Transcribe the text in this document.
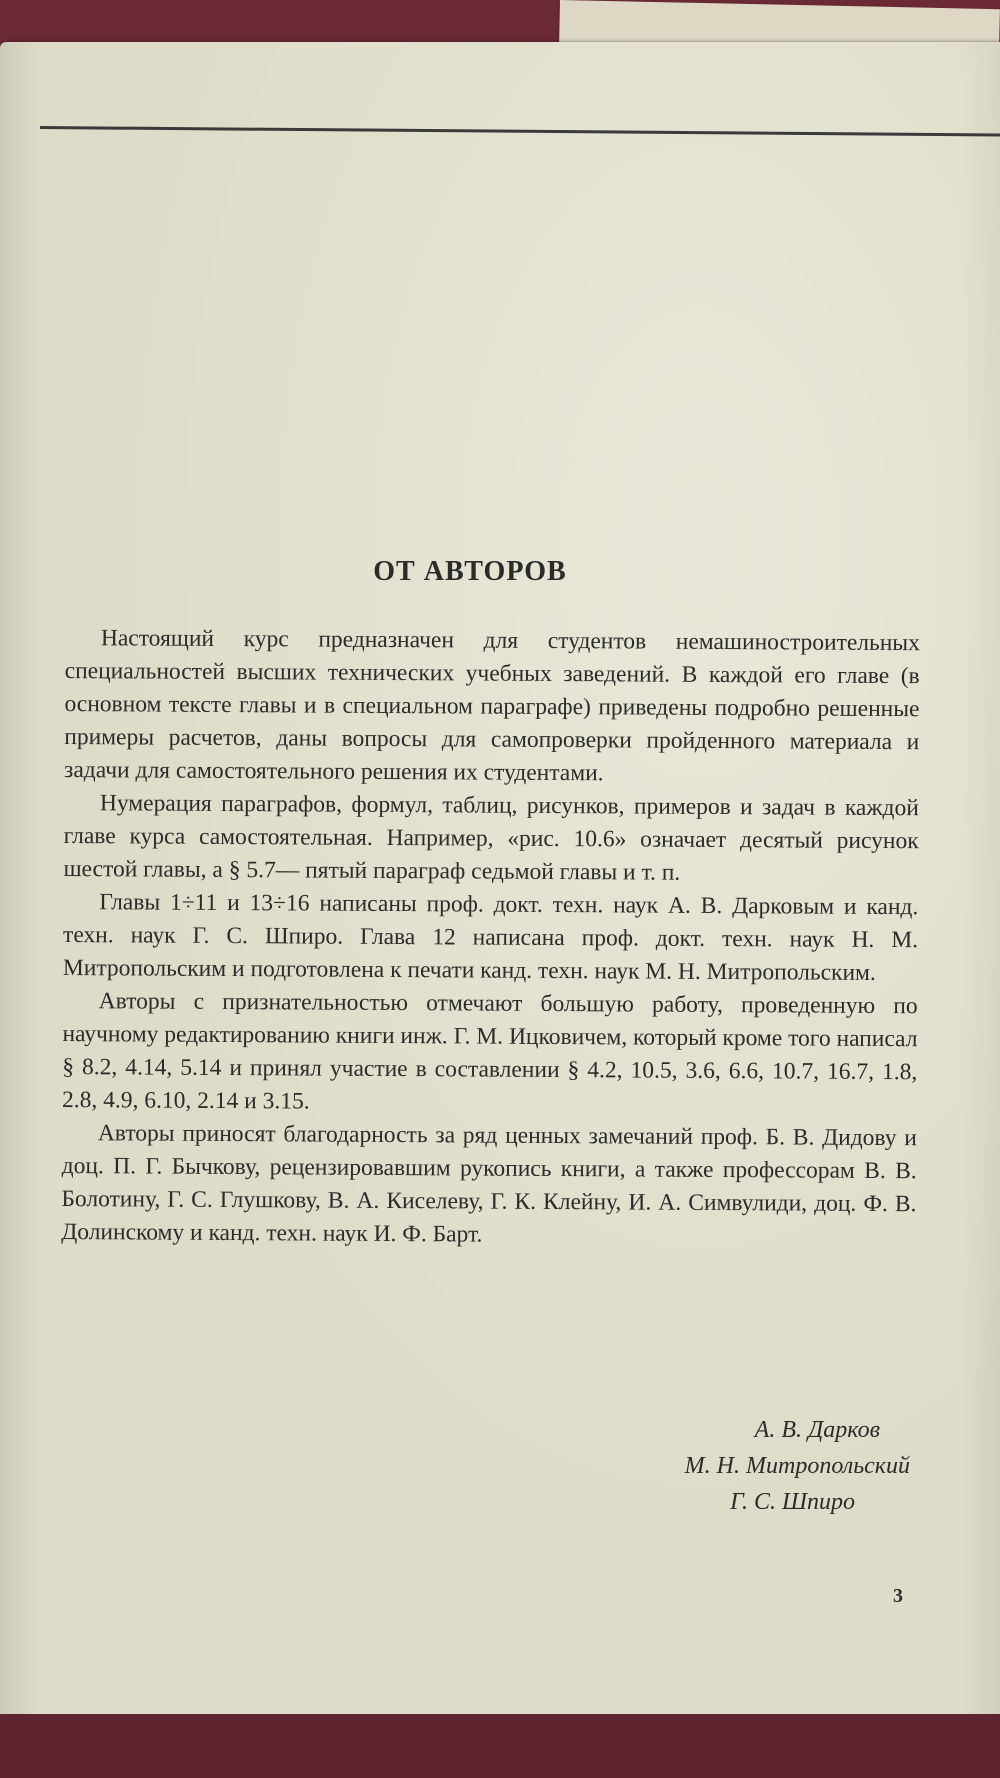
ОТ АВТОРОВ

Настоящий курс предназначен для студентов немашиностроительных специальностей высших технических учебных заведений. В каждой его главе (в основном тексте главы и в специальном параграфе) приведены подробно решенные примеры расчетов, даны вопросы для самопроверки пройденного материала и задачи для самостоятельного решения их студентами.

Нумерация параграфов, формул, таблиц, рисунков, примеров и задач в каждой главе курса самостоятельная. Например, «рис. 10.6» означает десятый рисунок шестой главы, а § 5.7— пятый параграф седьмой главы и т. п.

Главы 1÷11 и 13÷16 написаны проф. докт. техн. наук А. В. Дарковым и канд. техн. наук Г. С. Шпиро. Глава 12 написана проф. докт. техн. наук Н. М. Митропольским и подготовлена к печати канд. техн. наук М. Н. Митропольским.

Авторы с признательностью отмечают большую работу, проведенную по научному редактированию книги инж. Г. М. Ицковичем, который кроме того написал § 8.2, 4.14, 5.14 и принял участие в составлении § 4.2, 10.5, 3.6, 6.6, 10.7, 16.7, 1.8, 2.8, 4.9, 6.10, 2.14 и 3.15.

Авторы приносят благодарность за ряд ценных замечаний проф. Б. В. Дидову и доц. П. Г. Бычкову, рецензировавшим рукопись книги, а также профессорам В. В. Болотину, Г. С. Глушкову, В. А. Киселеву, Г. К. Клейну, И. А. Симвулиди, доц. Ф. В. Долинскому и канд. техн. наук И. Ф. Барт.

А. В. Дарков
М. Н. Митропольский
Г. С. Шпиро
3
